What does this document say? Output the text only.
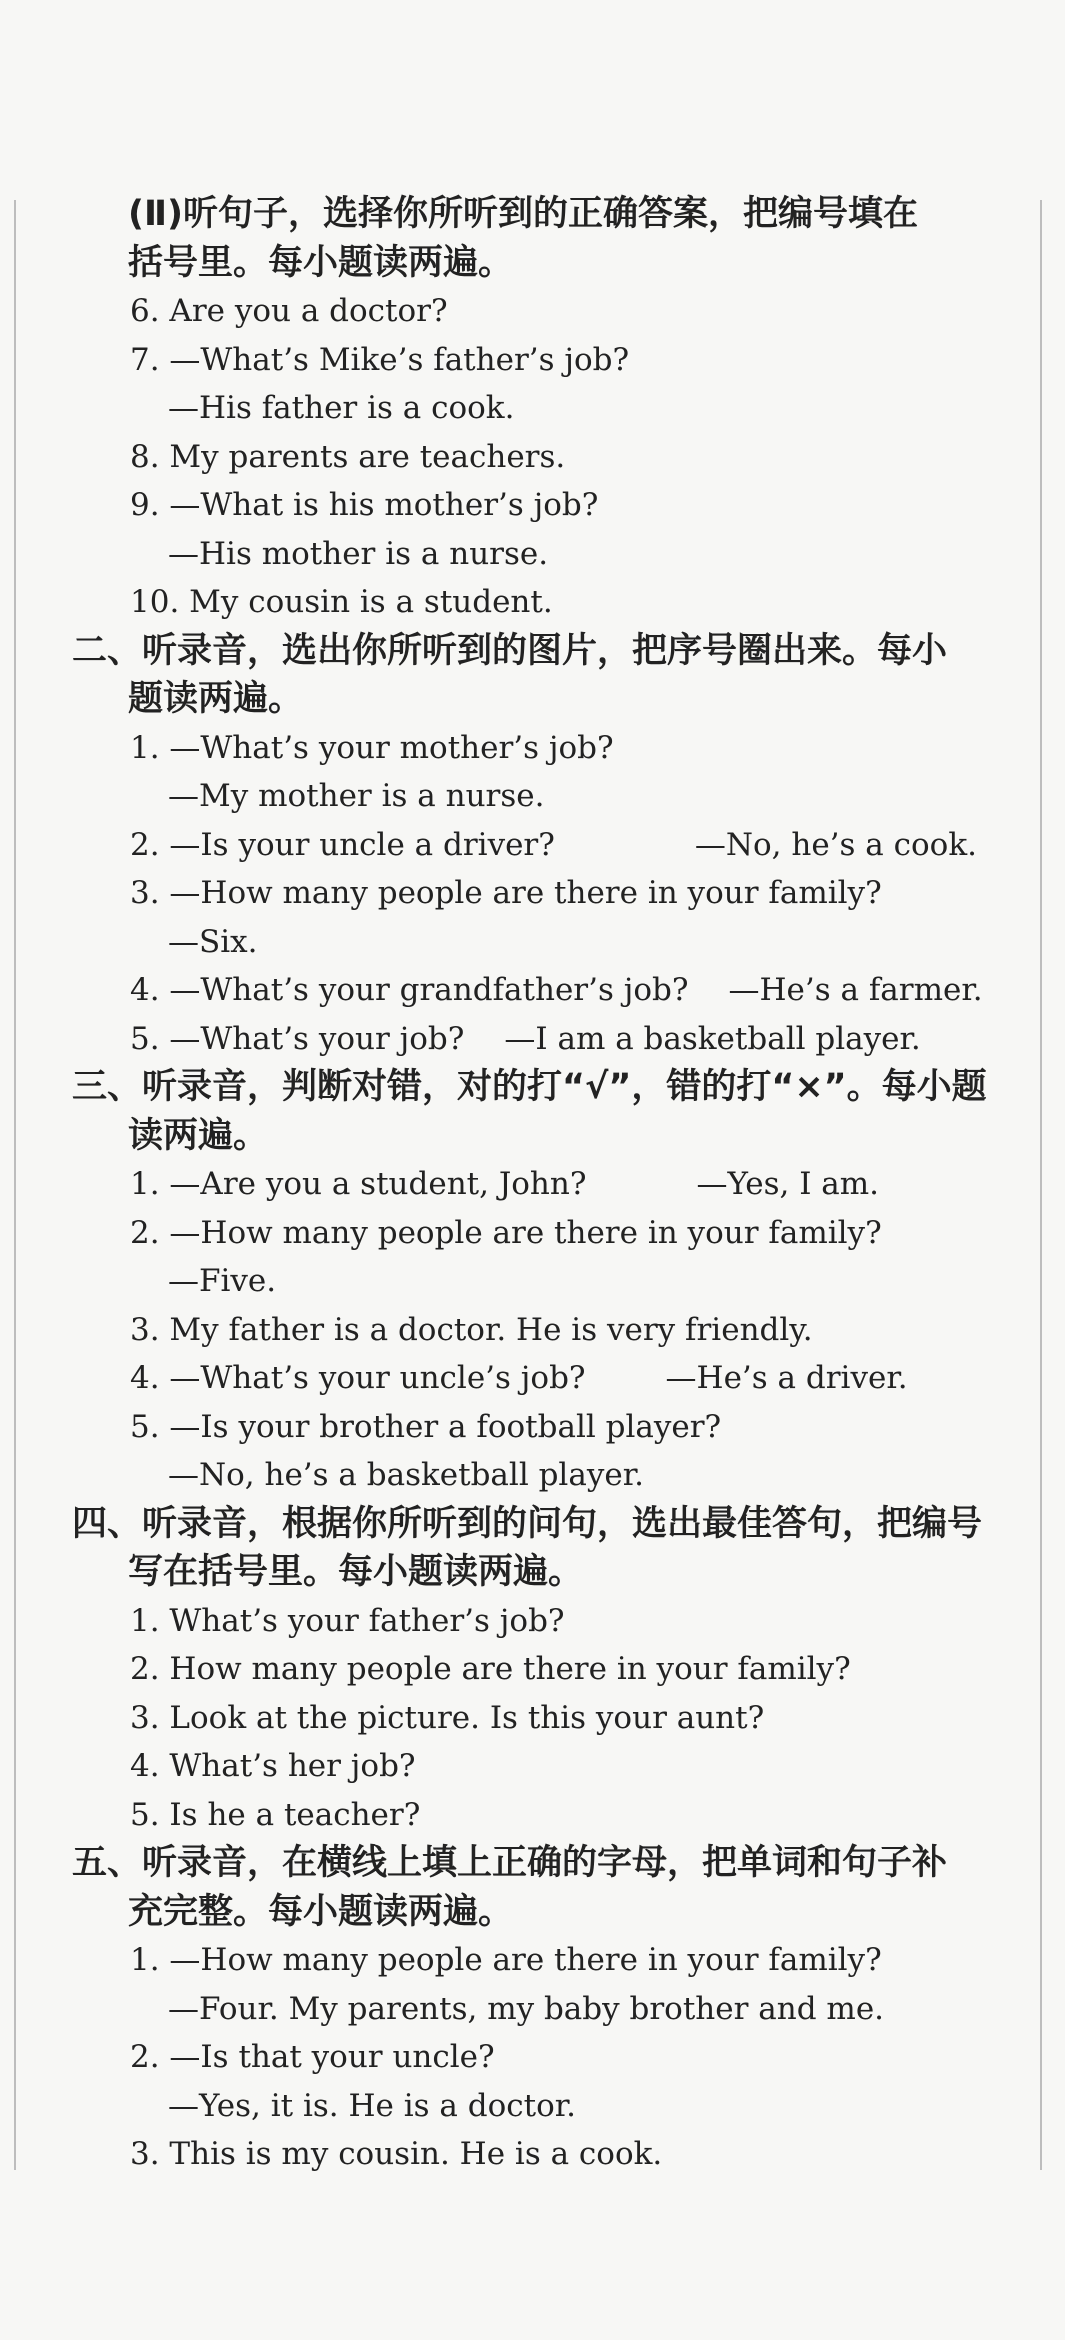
(Ⅱ)听句子，选择你所听到的正确答案，把编号填在
括号里。每小题读两遍。
6. Are you a doctor?
7. —What’s Mike’s father’s job?
—His father is a cook.
8. My parents are teachers.
9. —What is his mother’s job?
—His mother is a nurse.
10. My cousin is a student.
二、听录音，选出你所听到的图片，把序号圈出来。每小
题读两遍。
1. —What’s your mother’s job?
—My mother is a nurse.
2. —Is your uncle a driver?	—No, he’s a cook.
3. —How many people are there in your family?
—Six.
4. —What’s your grandfather’s job? —He’s a farmer.
5. —What’s your job? —I am a basketball player.
三、听录音，判断对错，对的打“√”，错的打“×”。每小题
读两遍。
1. —Are you a student, John?	—Yes, I am.
2. —How many people are there in your family?
—Five.
3. My father is a doctor. He is very friendly.
4. —What’s your uncle’s job?	—He’s a driver.
5. —Is your brother a football player?
—No, he’s a basketball player.
四、听录音，根据你所听到的问句，选出最佳答句，把编号
写在括号里。每小题读两遍。
1. What’s your father’s job?
2. How many people are there in your family?
3. Look at the picture. Is this your aunt?
4. What’s her job?
5. Is he a teacher?
五、听录音，在横线上填上正确的字母，把单词和句子补
充完整。每小题读两遍。
1. —How many people are there in your family?
—Four. My parents, my baby brother and me.
2. —Is that your uncle?
—Yes, it is. He is a doctor.
3. This is my cousin. He is a cook.
